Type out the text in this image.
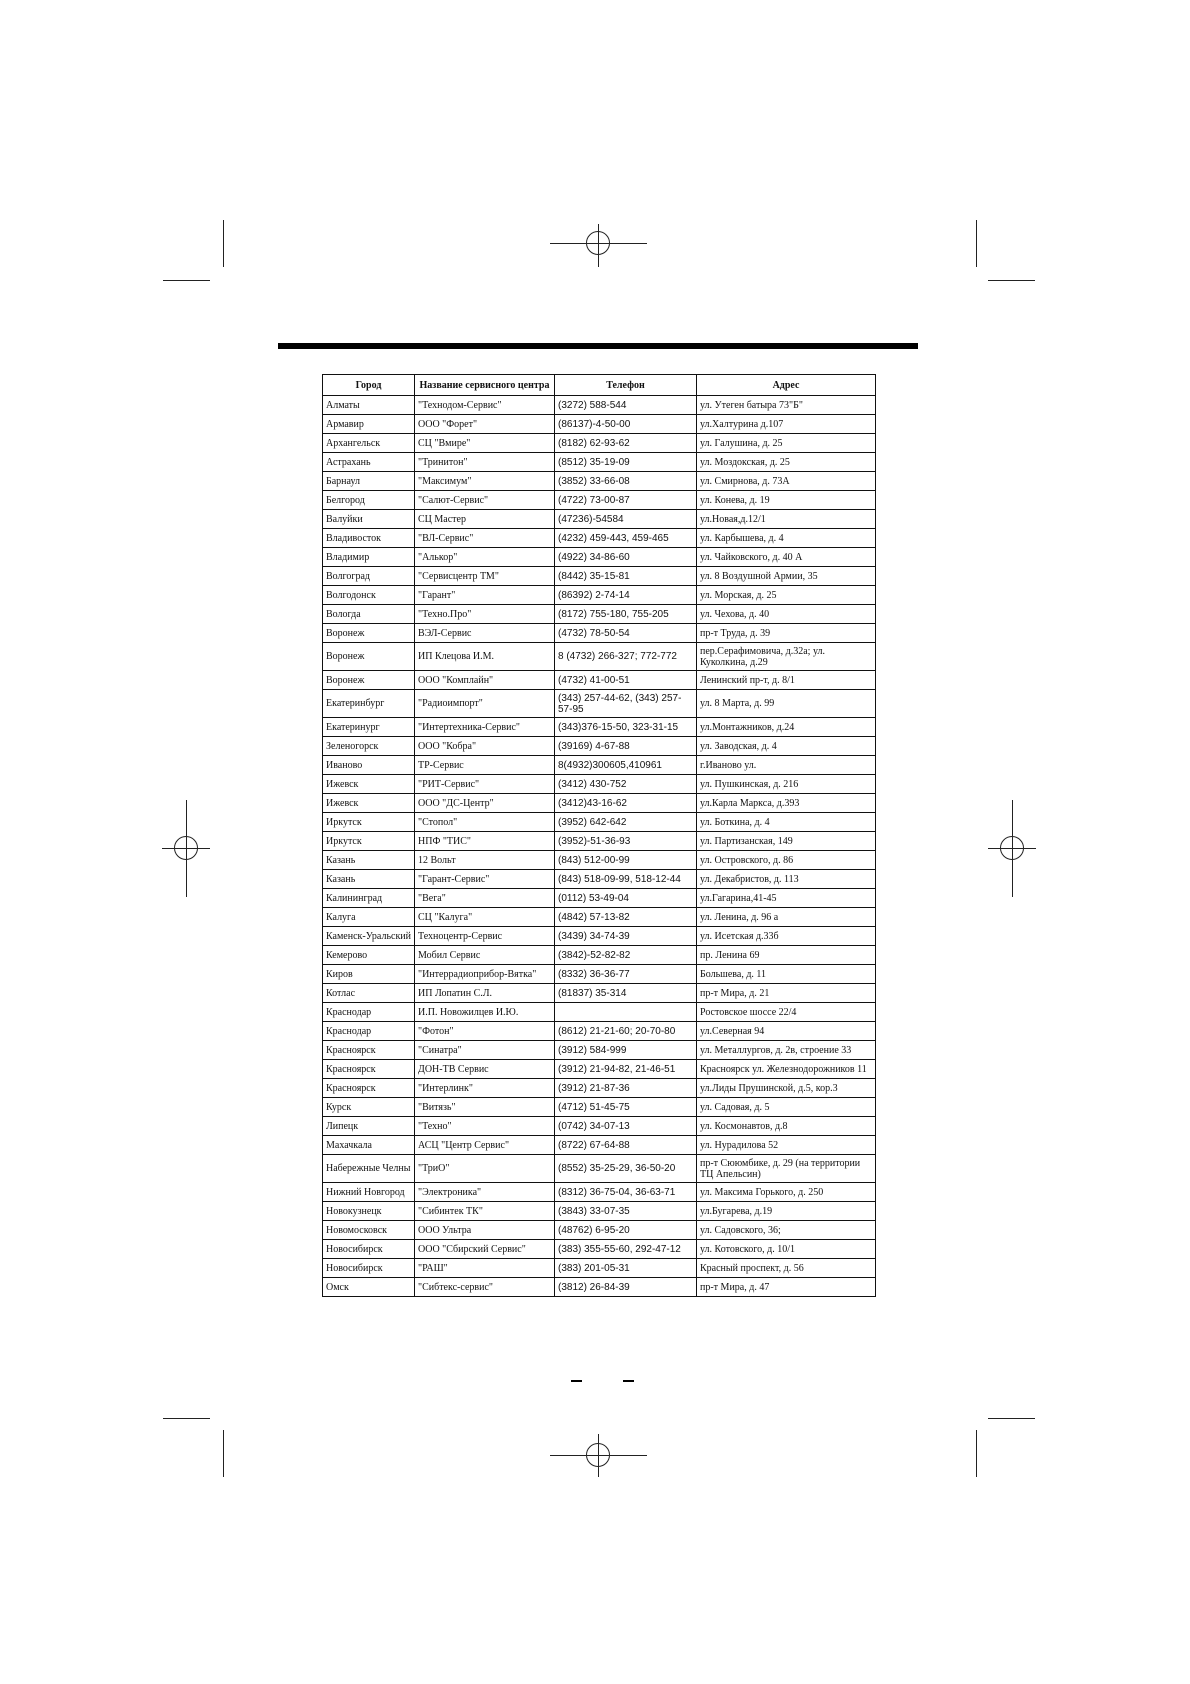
Город	Название сервисного центра	Телефон	Адрес
Алматы	"Технодом-Сервис"	(3272) 588-544	ул. Утеген батыра 73"Б"
Армавир	ООО "Форет"	(86137)-4-50-00	ул.Халтурина д.107
Архангельск	СЦ "Вмире"	(8182) 62-93-62	ул. Галушина, д. 25
Астрахань	"Тринитон"	(8512) 35-19-09	ул. Моздокская, д. 25
Барнаул	"Максимум"	(3852) 33-66-08	ул. Смирнова, д. 73А
Белгород	"Салют-Сервис"	(4722) 73-00-87	ул. Конева, д. 19
Валуйки	СЦ Мастер	(47236)-54584	ул.Новая,д.12/1
Владивосток	"ВЛ-Сервис"	(4232) 459-443, 459-465	ул. Карбышева, д. 4
Владимир	"Алькор"	(4922) 34-86-60	ул. Чайковского, д. 40 А
Волгоград	"Сервисцентр ТМ"	(8442) 35-15-81	ул. 8 Воздушной Армии, 35
Волгодонск	"Гарант"	(86392) 2-74-14	ул. Морская, д. 25
Вологда	"Техно.Про"	(8172) 755-180, 755-205	ул. Чехова, д. 40
Воронеж	ВЭЛ-Сервис	(4732) 78-50-54	пр-т Труда, д. 39
Воронеж	ИП Клецова И.М.	8 (4732) 266-327; 772-772	пер.Серафимовича, д.32а; ул. Куколкина, д.29
Воронеж	ООО "Комплайн"	(4732) 41-00-51	Ленинский пр-т, д. 8/1
Екатеринбург	"Радиоимпорт"	(343) 257-44-62, (343) 257-57-95	ул. 8 Марта, д. 99
Екатеринург	"Интертехника-Сервис"	(343)376-15-50, 323-31-15	ул.Монтажников, д.24
Зеленогорск	ООО "Кобра"	(39169) 4-67-88	ул. Заводская, д. 4
Иваново	ТР-Сервис	8(4932)300605,410961	г.Иваново ул.
Ижевск	"РИТ-Сервис"	(3412) 430-752	ул. Пушкинская, д. 216
Ижевск	ООО "ДС-Центр"	(3412)43-16-62	ул.Карла Маркса, д.393
Иркутск	"Стопол"	(3952) 642-642	ул. Боткина, д. 4
Иркутск	НПФ "ТИС"	(3952)-51-36-93	ул. Партизанская, 149
Казань	12 Вольт	(843) 512-00-99	ул. Островского, д. 86
Казань	"Гарант-Сервис"	(843) 518-09-99, 518-12-44	ул. Декабристов, д. 113
Калининград	"Вега"	(0112) 53-49-04	ул.Гагарина,41-45
Калуга	СЦ "Калуга"	(4842) 57-13-82	ул. Ленина, д. 96 а
Каменск-Уральский	Техноцентр-Сервис	(3439) 34-74-39	ул. Исетская д.33б
Кемерово	Мобил Сервис	(3842)-52-82-82	пр. Ленина 69
Киров	"Интеррадиоприбор-Вятка"	(8332) 36-36-77	Большева, д. 11
Котлас	ИП Лопатин С.Л.	(81837) 35-314	пр-т Мира, д. 21
Краснодар	И.П. Новожилцев И.Ю.		Ростовское шоссе 22/4
Краснодар	"Фотон"	(8612) 21-21-60; 20-70-80	ул.Северная 94
Красноярск	"Синатра"	(3912) 584-999	ул. Металлургов, д. 2в, строение 33
Красноярск	ДОН-ТВ Сервис	(3912) 21-94-82, 21-46-51	Красноярск ул. Железнодорожников 11
Красноярск	"Интерлинк"	(3912) 21-87-36	ул.Лиды Прушинской, д.5, кор.3
Курск	"Витязь"	(4712) 51-45-75	ул. Садовая, д. 5
Липецк	"Техно"	(0742) 34-07-13	ул. Космонавтов, д.8
Махачкала	АСЦ "Центр Сервис"	(8722) 67-64-88	ул. Нурадилова 52
Набережные Челны	"ТриО"	(8552) 35-25-29, 36-50-20	пр-т Сююмбике, д. 29 (на территории ТЦ Апельсин)
Нижний Новгород	"Электроника"	(8312) 36-75-04, 36-63-71	ул. Максима Горького, д. 250
Новокузнецк	"Сибинтек ТК"	(3843) 33-07-35	ул.Бугарева, д.19
Новомосковск	ООО Ультра	(48762) 6-95-20	ул. Садовского, 36;
Новосибирск	ООО "Сбирский Сервис"	(383) 355-55-60, 292-47-12	ул. Котовского, д. 10/1
Новосибирск	"РАШ"	(383) 201-05-31	Красный проспект, д. 56
Омск	"Сибтекс-сервис"	(3812) 26-84-39	пр-т Мира, д. 47
